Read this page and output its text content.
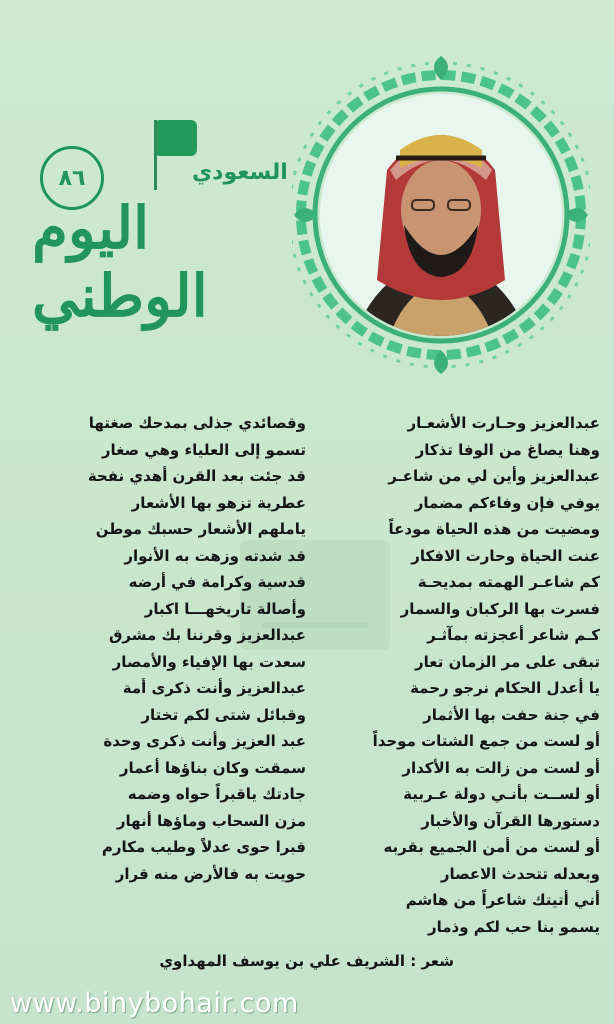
٨٦	السعودي
اليوم الوطني
عبدالعزيز وحـارت الأشعـار
وهنا يصاغ من الوفا تذكار
عبدالعزيز وأين لي من شاعـر
يوفي فإن وفاءكم مضمار
ومضيت من هذه الحياة مودعاً
عنت الحياة وحارت الافكار
كم شاعـر الهمته بمديحـة
فسرت بها الركبان والسمار
كـم شاعر أعجزته بمآثـر
تبقى على مر الزمان تعار
يا أعدل الحكام نرجو رحمة
في جنة حفت بها الأثمار
أو لست من جمع الشتات موحداً
أو لست من زالت به الأكدار
أو لســت بأنـي دولة عـربية
دستورها القرآن والأخبار
أو لست من أمن الجميع بقربه
وبعدله تتحدث الاعصار
أني أتيتك شاعراً من هاشم
يسمو بنا حب لكم وذمار
وقصائدي جذلى بمدحك صغتها
تسمو إلى العلياء وهي صغار
قد جئت بعد القرن أهدي نفحة
عطرية تزهو بها الأشعار
ياملهم الأشعار حسبك موطن
قد شدته وزهت به الأنوار
قدسية وكرامة في أرضه
وأصالة تاريخهـــا اكبار
عبدالعزيز وقرننا بك مشرق
سعدت بها الإفياء والأمصار
عبدالعزيز وأنت ذكرى أمة
وقبائل شتى لكم تختار
عبد العزيز وأنت ذكرى وحدة
سمقت وكان بناؤها أعمار
جادتك ياقبراً حواه وضمه
مزن السحاب وماؤها أنهار
قبرا حوى عدلاً وطيب مكارم
حويت به فالأرض منه قرار
شعر : الشريف علي بن يوسف المهداوي
www.binybohair.com
